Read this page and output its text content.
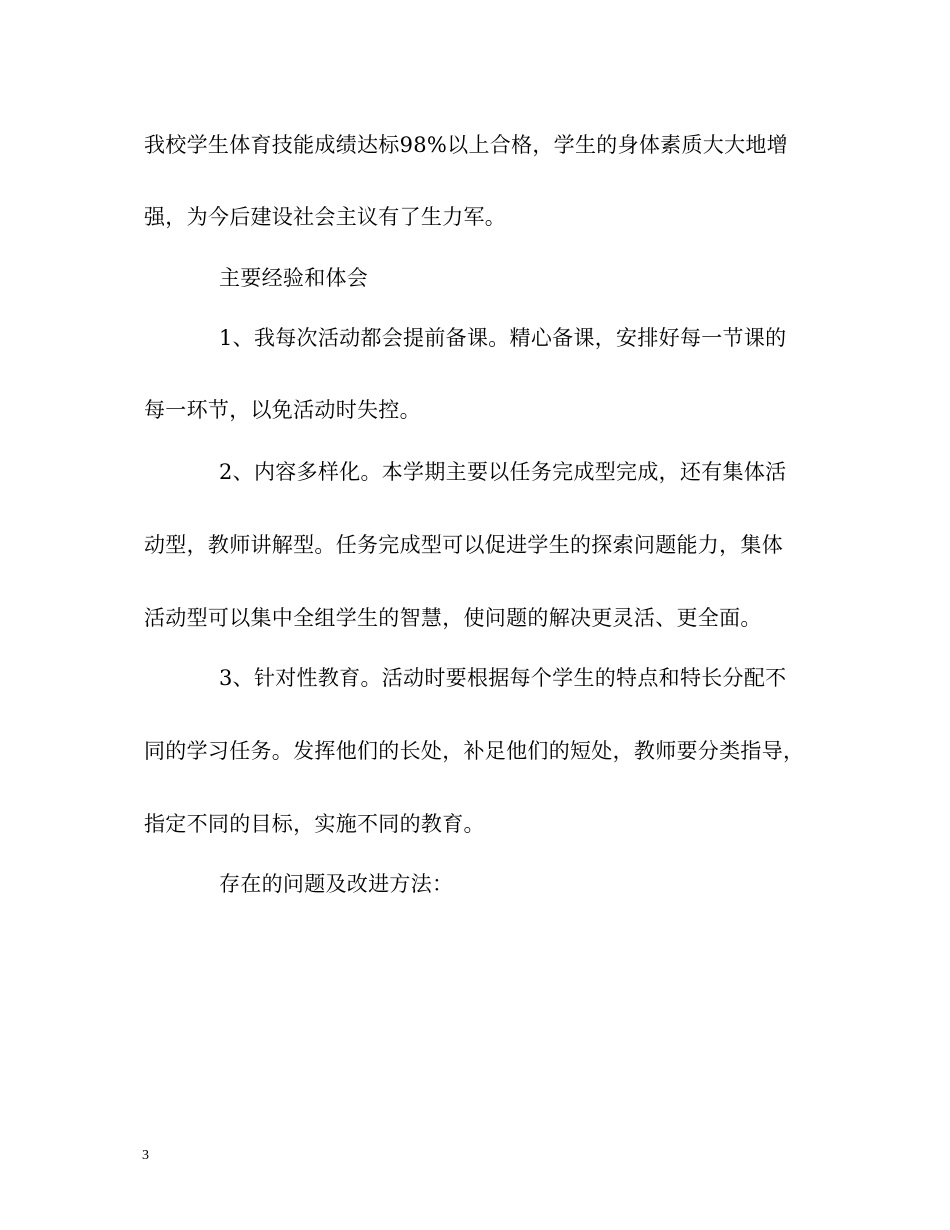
我校学生体育技能成绩达标98%以上合格，学生的身体素质大大地增
强，为今后建设社会主议有了生力军。
主要经验和体会
1、我每次活动都会提前备课。精心备课，安排好每一节课的
每一环节，以免活动时失控。
2、内容多样化。本学期主要以任务完成型完成，还有集体活
动型，教师讲解型。任务完成型可以促进学生的探索问题能力，集体
活动型可以集中全组学生的智慧，使问题的解决更灵活、更全面。
3、针对性教育。活动时要根据每个学生的特点和特长分配不
同的学习任务。发挥他们的长处，补足他们的短处，教师要分类指导，
指定不同的目标，实施不同的教育。
存在的问题及改进方法：
3
